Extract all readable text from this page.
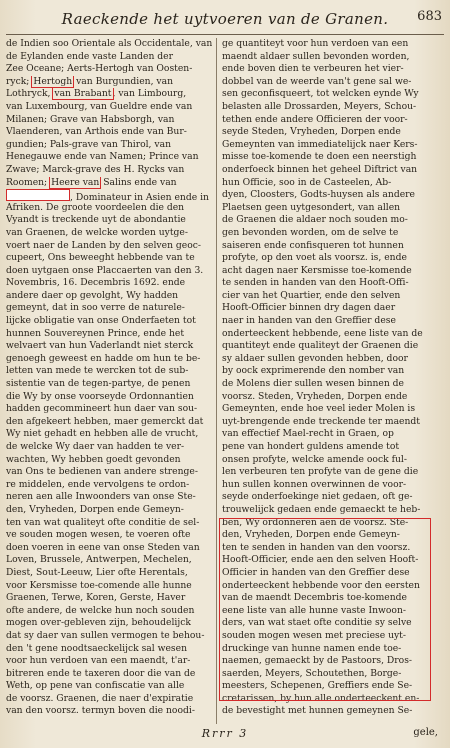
Raeckende het uytvoeren van de Granen.	683
de Indien soo Orientale als Occidentale, van
de Eylanden ende vaste Landen der
Zee Oceane; Aerts-Hertogh van Oosten-
ryck; Hertogh van Burgundien, van
Lothryck, van Brabant, van Limbourg,
van Luxembourg, van Gueldre ende van
Milanen; Grave van Habsborgh, van
Vlaenderen, van Arthois ende van Bur-
gundien; Pals-grave van Thirol, van
Henegauwe ende van Namen; Prince van
Zwave; Marck-grave des H. Rycks van
Roomen; Heere van Salins ende van
, Dominateur in Asien ende in
Afriken. De groote voordeelen die den
Vyandt is treckende uyt de abondantie
van Graenen, de welcke worden uytge-
voert naer de Landen by den selven geoc-
cupeert, Ons beweeght hebbende van te
doen uytgaen onse Placcaerten van den 3.
Novembris, 16. Decembris 1692. ende
andere daer op gevolght, Wy hadden
gemeynt, dat in soo verre de naturele-
lijcke obligatie van onse Onderfaeten tot
hunnen Souvereynen Prince, ende het
welvaert van hun Vaderlandt niet sterck
genoegh geweest en hadde om hun te be-
letten van mede te wercken tot de sub-
sistentie van de tegen-partye, de penen
die Wy by onse voorseyde Ordonnantien
hadden gecommineert hun daer van sou-
den afgekeert hebben, maer gemerckt dat
Wy niet gehadt en hebben alle de vrucht,
de welcke Wy daer van hadden te ver-
wachten, Wy hebben goedt gevonden
van Ons te bedienen van andere strenge-
re middelen, ende vervolgens te ordon-
neren aen alle Inwoonders van onse Ste-
den, Vryheden, Dorpen ende Gemeyn-
ten van wat qualiteyt ofte conditie de sel-
ve souden mogen wesen, te voeren ofte
doen voeren in eene van onse Steden van
Loven, Brussele, Antwerpen, Mechelen,
Diest, Sout-Leeuw, Lier ofte Herentals,
voor Kersmisse toe-comende alle hunne
Graenen, Terwe, Koren, Gerste, Haver
ofte andere, de welcke hun noch souden
mogen over-gebleven zijn, behoudelijck
dat sy daer van sullen vermogen te behou-
den 't gene noodtsaeckelijck sal wesen
voor hun verdoen van een maendt, t'ar-
bitreren ende te taxeren door die van de
Weth, op pene van confiscatie van alle
de voorsz. Graenen, die naer d'expiratie
van den voorsz. termyn boven die noodi-
ge quantiteyt voor hun verdoen van een
maendt aldaer sullen bevonden worden,
ende boven dien te verbeuren het vier-
dobbel van de weerde van't gene sal we-
sen geconfisqueert, tot welcken eynde Wy
belasten alle Drossarden, Meyers, Schou-
tethen ende andere Officieren der voor-
seyde Steden, Vryheden, Dorpen ende
Gemeynten van immediatelijck naer Kers-
misse toe-komende te doen een neerstigh
onderfoeck binnen het geheel Diftrict van
hun Officie, soo in de Casteelen, Ab-
dyen, Cloosters, Godts-huysen als andere
Plaetsen geen uytgesondert, van allen
de Graenen die aldaer noch souden mo-
gen bevonden worden, om de selve te
saiseren ende confisqueren tot hunnen
profyte, op den voet als voorsz. is, ende
acht dagen naer Kersmisse toe-komende
te senden in handen van den Hooft-Offi-
cier van het Quartier, ende den selven
Hooft-Officier binnen dry dagen daer
naer in handen van den Greffier dese
onderteeckent hebbende, eene liste van de
quantiteyt ende qualiteyt der Graenen die
sy aldaer sullen gevonden hebben, door
by oock exprimerende den nomber van
de Molens dier sullen wesen binnen de
voorsz. Steden, Vryheden, Dorpen ende
Gemeynten, ende hoe veel ieder Molen is
uyt-brengende ende treckende ter maendt
van effectief Mael-recht in Graen, op
pene van hondert guldens amende tot
onsen profyte, welcke amende oock ful-
len verbeuren ten profyte van de gene die
hun sullen konnen overwinnen de voor-
seyde onderfoekinge niet gedaen, oft ge-
trouwelijck gedaen ende gemaeckt te heb-
ben, Wy ordonneren aen de voorsz. Ste-
den, Vryheden, Dorpen ende Gemeyn-
ten te senden in handen van den voorsz.
Hooft-Officier, ende aen den selven Hooft-
Officier in handen van den Greffier dese
onderteeckent hebbende voor den eersten
van de maendt Decembris toe-komende
eene liste van alle hunne vaste Inwoon-
ders, van wat staet ofte conditie sy selve
souden mogen wesen met preciese uyt-
druckinge van hunne namen ende toe-
naemen, gemaeckt by de Pastoors, Dros-
saerden, Meyers, Schoutethen, Borge-
meesters, Schepenen, Greffiers ende Se-
cretarissen, by hun alle onderteeckent en-
de bevestight met hunnen gemeynen Se-
Rrrr 3	gele,
